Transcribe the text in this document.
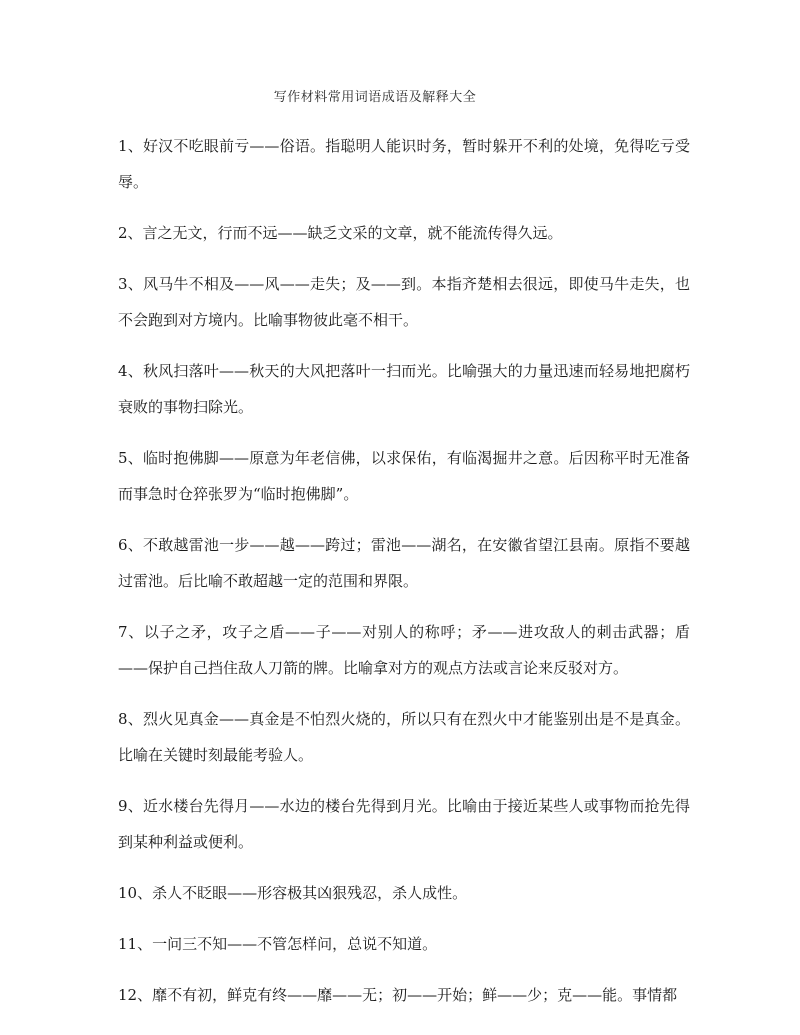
写作材料常用词语成语及解释大全

1、好汉不吃眼前亏——俗语。指聪明人能识时务，暂时躲开不利的处境，免得吃亏受辱。

2、言之无文，行而不远——缺乏文采的文章，就不能流传得久远。

3、风马牛不相及——风——走失；及——到。本指齐楚相去很远，即使马牛走失，也不会跑到对方境内。比喻事物彼此毫不相干。

4、秋风扫落叶——秋天的大风把落叶一扫而光。比喻强大的力量迅速而轻易地把腐朽衰败的事物扫除光。

5、临时抱佛脚——原意为年老信佛，以求保佑，有临渴掘井之意。后因称平时无准备而事急时仓猝张罗为“临时抱佛脚”。

6、不敢越雷池一步——越——跨过；雷池——湖名，在安徽省望江县南。原指不要越过雷池。后比喻不敢超越一定的范围和界限。

7、以子之矛，攻子之盾——子——对别人的称呼；矛——进攻敌人的刺击武器；盾——保护自己挡住敌人刀箭的牌。比喻拿对方的观点方法或言论来反驳对方。

8、烈火见真金——真金是不怕烈火烧的，所以只有在烈火中才能鉴别出是不是真金。比喻在关键时刻最能考验人。

9、近水楼台先得月——水边的楼台先得到月光。比喻由于接近某些人或事物而抢先得到某种利益或便利。

10、杀人不眨眼——形容极其凶狠残忍，杀人成性。

11、一问三不知——不管怎样问，总说不知道。

12、靡不有初，鲜克有终——靡——无；初——开始；鲜——少；克——能。事情都
